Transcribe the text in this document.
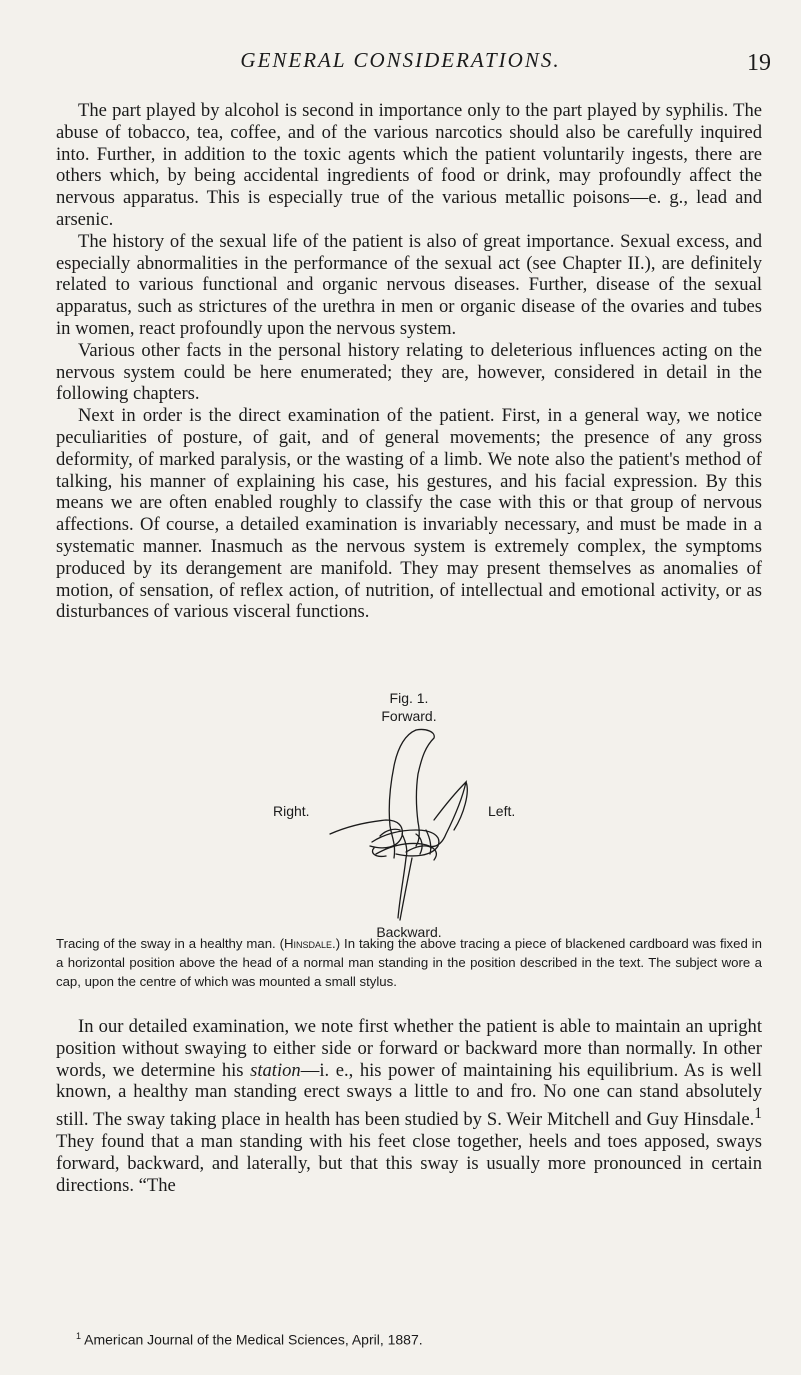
GENERAL CONSIDERATIONS.	19

The part played by alcohol is second in importance only to the part played by syphilis. The abuse of tobacco, tea, coffee, and of the various narcotics should also be carefully inquired into. Further, in addition to the toxic agents which the patient voluntarily ingests, there are others which, by being accidental ingredients of food or drink, may profoundly affect the nervous apparatus. This is especially true of the various metallic poisons—e. g., lead and arsenic.

The history of the sexual life of the patient is also of great importance. Sexual excess, and especially abnormalities in the performance of the sexual act (see Chapter II.), are definitely related to various functional and organic nervous diseases. Further, disease of the sexual apparatus, such as strictures of the urethra in men or organic disease of the ovaries and tubes in women, react profoundly upon the nervous system.

Various other facts in the personal history relating to deleterious influences acting on the nervous system could be here enumerated; they are, however, considered in detail in the following chapters.

Next in order is the direct examination of the patient. First, in a general way, we notice peculiarities of posture, of gait, and of general movements; the presence of any gross deformity, of marked paralysis, or the wasting of a limb. We note also the patient's method of talking, his manner of explaining his case, his gestures, and his facial expression. By this means we are often enabled roughly to classify the case with this or that group of nervous affections. Of course, a detailed examination is invariably necessary, and must be made in a systematic manner. Inasmuch as the nervous system is extremely complex, the symptoms produced by its derangement are manifold. They may present themselves as anomalies of motion, of sensation, of reflex action, of nutrition, of intellectual and emotional activity, or as disturbances of various visceral functions.

Fig. 1.
Forward.
Right.	Left.
Backward.
Tracing of the sway in a healthy man. (Hinsdale.) In taking the above tracing a piece of blackened cardboard was fixed in a horizontal position above the head of a normal man standing in the position described in the text. The subject wore a cap, upon the centre of which was mounted a small stylus.

In our detailed examination, we note first whether the patient is able to maintain an upright position without swaying to either side or forward or backward more than normally. In other words, we determine his station—i. e., his power of maintaining his equilibrium. As is well known, a healthy man standing erect sways a little to and fro. No one can stand absolutely still. The sway taking place in health has been studied by S. Weir Mitchell and Guy Hinsdale.$^1$ They found that a man standing with his feet close together, heels and toes apposed, sways forward, backward, and laterally, but that this sway is usually more pronounced in certain directions. “The

$^1$ American Journal of the Medical Sciences, April, 1887.
